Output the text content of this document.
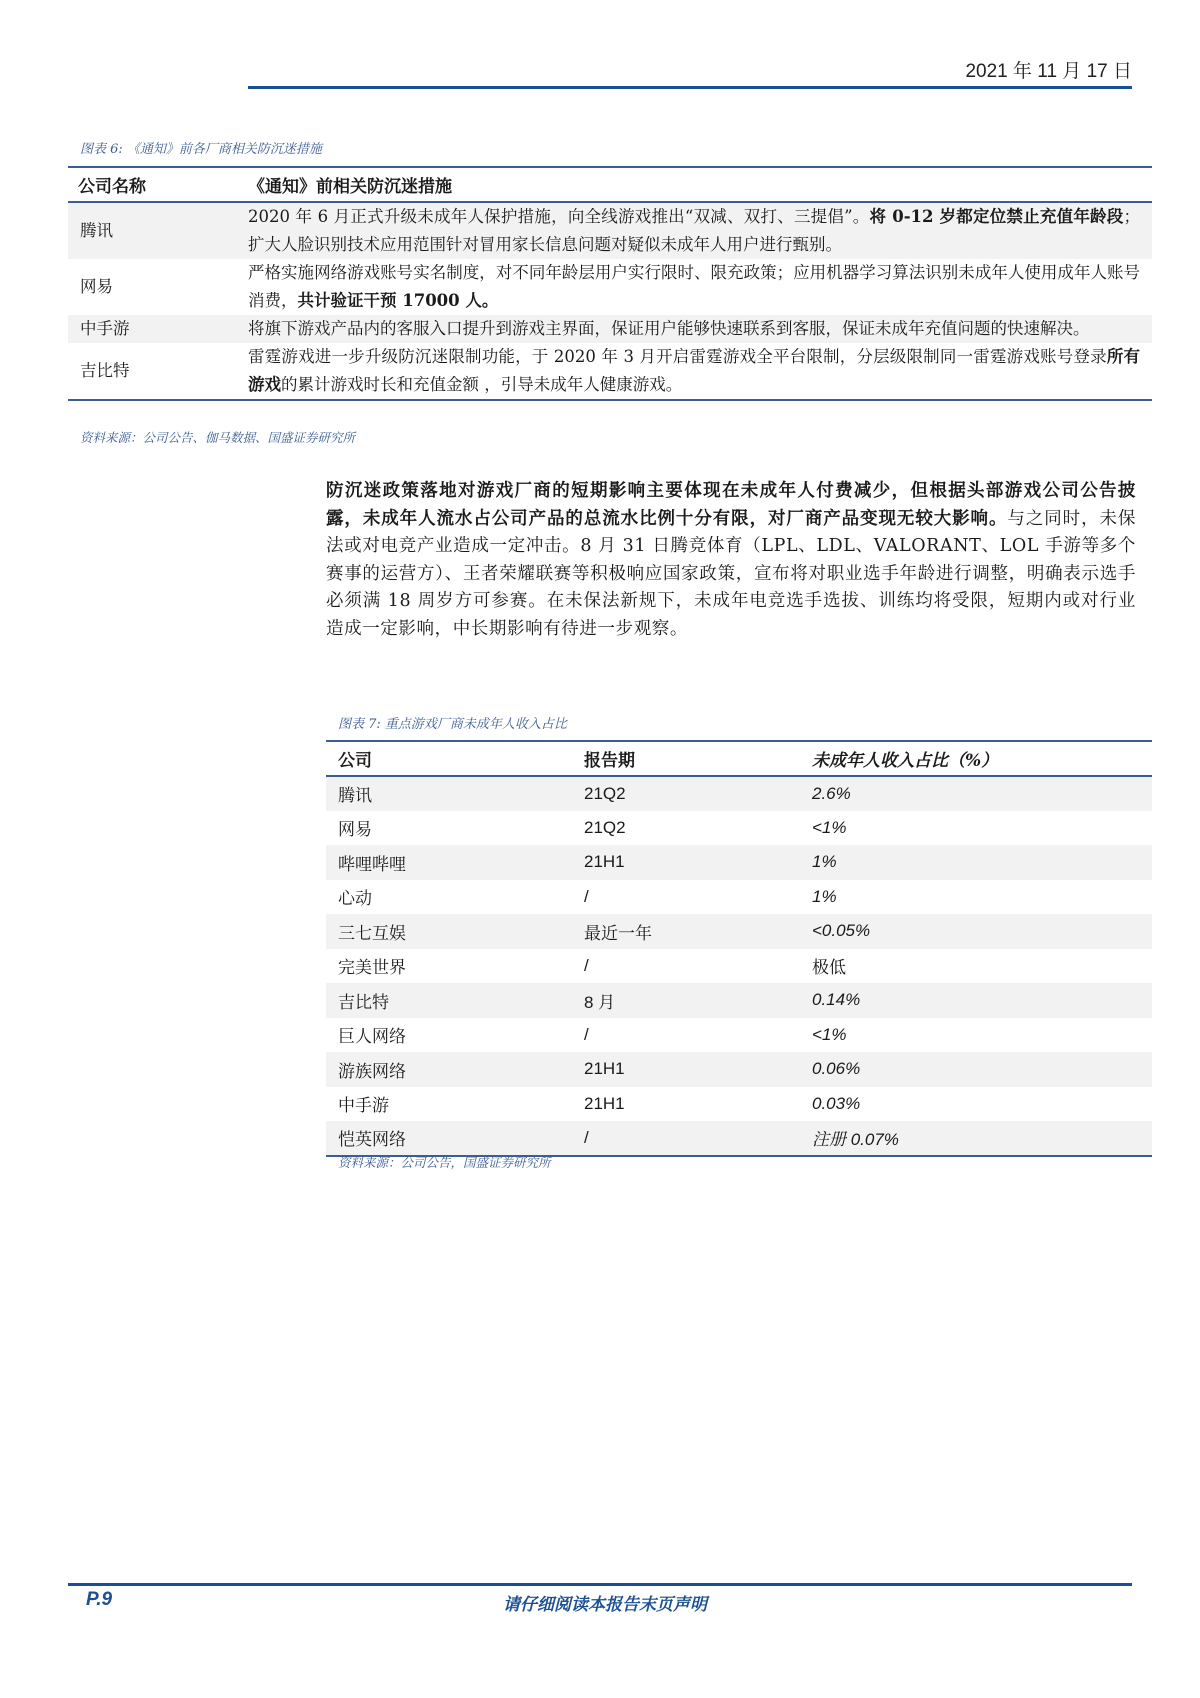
2021 年 11 月 17 日
图表 6: 《通知》前各厂商相关防沉迷措施
公司名称	《通知》前相关防沉迷措施
腾讯	2020 年 6 月正式升级未成年人保护措施，向全线游戏推出“双减、双打、三提倡”。将 0-12 岁都定位禁止充值年龄段；扩大人脸识别技术应用范围针对冒用家长信息问题对疑似未成年人用户进行甄别。
网易	严格实施网络游戏账号实名制度，对不同年龄层用户实行限时、限充政策；应用机器学习算法识别未成年人使用成年人账号消费，共计验证干预 17000 人。
中手游	将旗下游戏产品内的客服入口提升到游戏主界面，保证用户能够快速联系到客服，保证未成年充值问题的快速解决。
吉比特	雷霆游戏进一步升级防沉迷限制功能，于 2020 年 3 月开启雷霆游戏全平台限制，分层级限制同一雷霆游戏账号登录所有游戏的累计游戏时长和充值金额 ，引导未成年人健康游戏。
资料来源：公司公告、伽马数据、国盛证券研究所
防沉迷政策落地对游戏厂商的短期影响主要体现在未成年人付费减少，但根据头部游戏公司公告披露，未成年人流水占公司产品的总流水比例十分有限，对厂商产品变现无较大影响。与之同时，未保法或对电竞产业造成一定冲击。8 月 31 日腾竞体育（LPL、LDL、VALORANT、LOL 手游等多个赛事的运营方）、王者荣耀联赛等积极响应国家政策，宣布将对职业选手年龄进行调整，明确表示选手必须满 18 周岁方可参赛。在未保法新规下，未成年电竞选手选拔、训练均将受限，短期内或对行业造成一定影响，中长期影响有待进一步观察。
图表 7: 重点游戏厂商未成年人收入占比
公司	报告期	未成年人收入占比（%）
腾讯	21Q2	2.6%
网易	21Q2	<1%
哔哩哔哩	21H1	1%
心动	/	1%
三七互娱	最近一年	<0.05%
完美世界	/	极低
吉比特	8 月	0.14%
巨人网络	/	<1%
游族网络	21H1	0.06%
中手游	21H1	0.03%
恺英网络	/	注册 0.07%
资料来源：公司公告，国盛证券研究所
P.9	请仔细阅读本报告末页声明
